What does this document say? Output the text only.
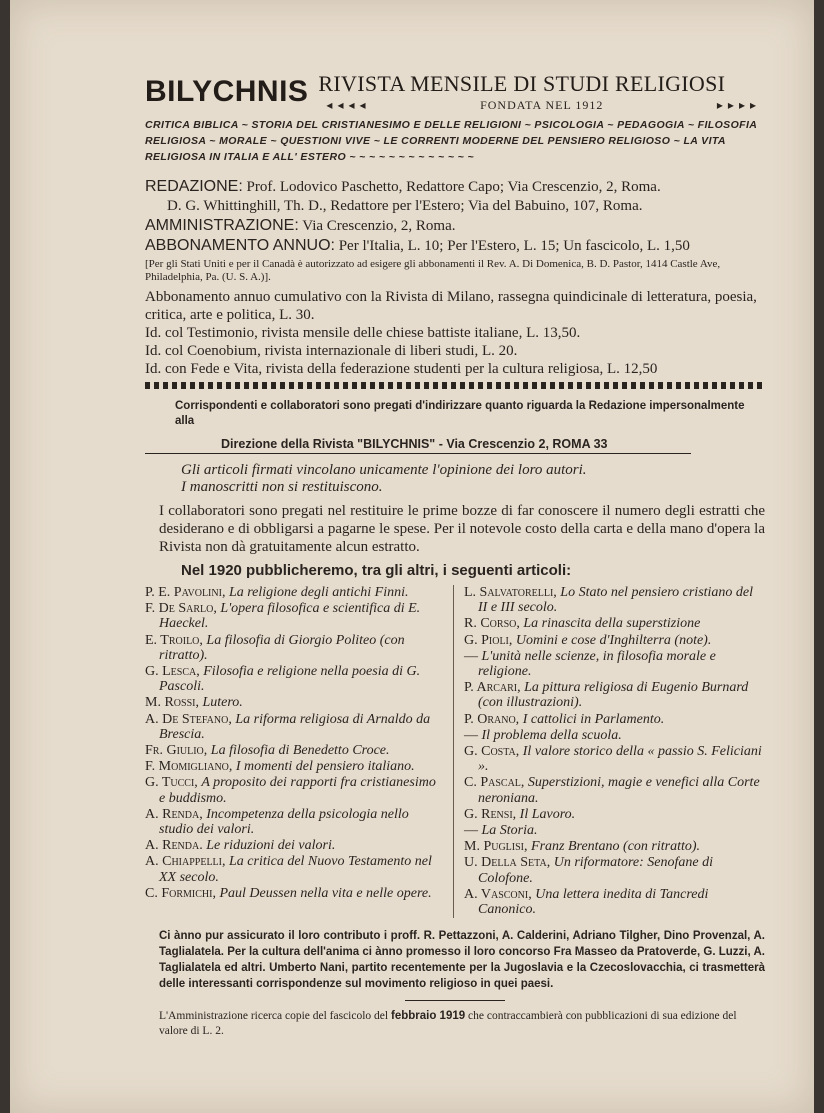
BILYCHNIS RIVISTA MENSILE DI STUDI RELIGIOSI
◂ ◂ ◂ ◂	FONDATA NEL 1912	▸ ▸ ▸ ▸
CRITICA BIBLICA ~ STORIA DEL CRISTIANESIMO E DELLE RELIGIONI ~ PSICOLOGIA ~ PEDAGOGIA ~ FILOSOFIA RELIGIOSA ~ MORALE ~ QUESTIONI VIVE ~ LE CORRENTI MODERNE DEL PENSIERO RELIGIOSO ~ LA VITA RELIGIOSA IN ITALIA E ALL' ESTERO ~ ~ ~ ~ ~ ~ ~ ~ ~ ~ ~ ~ ~
REDAZIONE: Prof. Lodovico Paschetto, Redattore Capo; Via Crescenzio, 2, Roma.
D. G. Whittinghill, Th. D., Redattore per l'Estero; Via del Babuino, 107, Roma.
AMMINISTRAZIONE: Via Crescenzio, 2, Roma.
ABBONAMENTO ANNUO: Per l'Italia, L. 10; Per l'Estero, L. 15; Un fascicolo, L. 1,50
[Per gli Stati Uniti e per il Canadà è autorizzato ad esigere gli abbonamenti il Rev. A. Di Domenica, B. D. Pastor, 1414 Castle Ave, Philadelphia, Pa. (U. S. A.)].
Abbonamento annuo cumulativo con la Rivista di Milano, rassegna quindicinale di letteratura, poesia, critica, arte e politica, L. 30.
Id. col Testimonio, rivista mensile delle chiese battiste italiane, L. 13,50.
Id. col Coenobium, rivista internazionale di liberi studi, L. 20.
Id. con Fede e Vita, rivista della federazione studenti per la cultura religiosa, L. 12,50
Corrispondenti e collaboratori sono pregati d'indirizzare quanto riguarda la Redazione impersonalmente alla
Direzione della Rivista "BILYCHNIS" - Via Crescenzio 2, ROMA 33
Gli articoli firmati vincolano unicamente l'opinione dei loro autori.
I manoscritti non si restituiscono.
I collaboratori sono pregati nel restituire le prime bozze di far conoscere il numero degli estratti che desiderano e di obbligarsi a pagarne le spese. Per il notevole costo della carta e della mano d'opera la Rivista non dà gratuitamente alcun estratto.
Nel 1920 pubblicheremo, tra gli altri, i seguenti articoli:
P. E. Pavolini, La religione degli antichi Finni.
F. De Sarlo, L'opera filosofica e scientifica di E. Haeckel.
E. Troilo, La filosofia di Giorgio Politeo (con ritratto).
G. Lesca, Filosofia e religione nella poesia di G. Pascoli.
M. Rossi, Lutero.
A. De Stefano, La riforma religiosa di Arnaldo da Brescia.
Fr. Giulio, La filosofia di Benedetto Croce.
F. Momigliano, I momenti del pensiero italiano.
G. Tucci, A proposito dei rapporti fra cristianesimo e buddismo.
A. Renda, Incompetenza della psicologia nello studio dei valori.
A. Renda. Le riduzioni dei valori.
A. Chiappelli, La critica del Nuovo Testamento nel XX secolo.
C. Formichi, Paul Deussen nella vita e nelle opere.
L. Salvatorelli, Lo Stato nel pensiero cristiano del II e III secolo.
R. Corso, La rinascita della superstizione
G. Pioli, Uomini e cose d'Inghilterra (note).
— L'unità nelle scienze, in filosofia morale e religione.
P. Arcari, La pittura religiosa di Eugenio Burnard (con illustrazioni).
P. Orano, I cattolici in Parlamento.
— Il problema della scuola.
G. Costa, Il valore storico della « passio S. Feliciani ».
C. Pascal, Superstizioni, magie e venefici alla Corte neroniana.
G. Rensi, Il Lavoro.
— La Storia.
M. Puglisi, Franz Brentano (con ritratto).
U. Della Seta, Un riformatore: Senofane di Colofone.
A. Vasconi, Una lettera inedita di Tancredi Canonico.
Ci ànno pur assicurato il loro contributo i proff. R. Pettazzoni, A. Calderini, Adriano Tilgher, Dino Provenzal, A. Taglialatela. Per la cultura dell'anima ci ànno promesso il loro concorso Fra Masseo da Pratoverde, G. Luzzi, A. Taglialatela ed altri. Umberto Nani, partito recentemente per la Jugoslavia e la Czecoslovacchia, ci trasmetterà delle interessanti corrispondenze sul movimento religioso in quei paesi.
L'Amministrazione ricerca copie del fascicolo del febbraio 1919 che contraccambierà con pubblicazioni di sua edizione del valore di L. 2.
